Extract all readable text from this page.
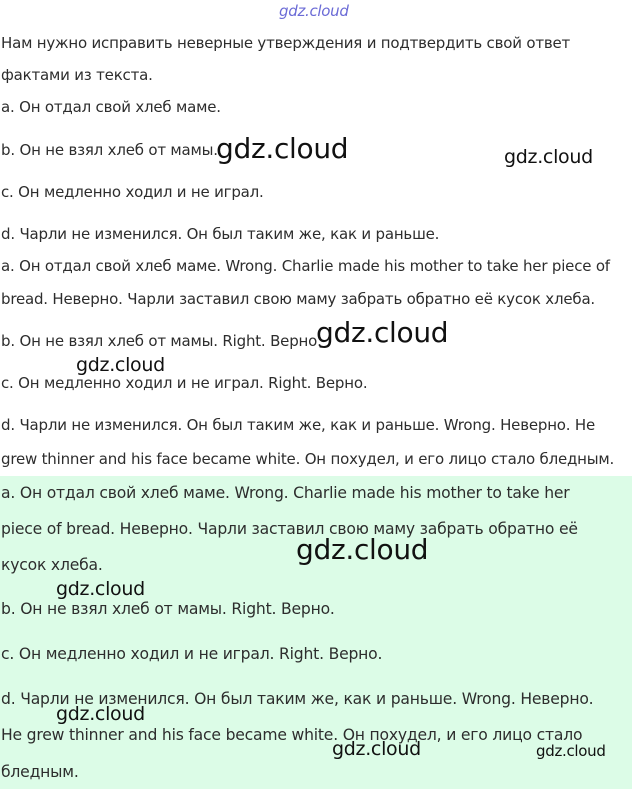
gdz.cloud

Нам нужно исправить неверные утверждения и подтвердить свой ответ

фактами из текста.

a. Он отдал свой хлеб маме.

b. Он не взял хлеб от мамы.

c. Он медленно ходил и не играл.

d. Чарли не изменился. Он был таким же, как и раньше.

a. Он отдал свой хлеб маме. Wrong. Charlie made his mother to take her piece of

bread. Неверно. Чарли заставил свою маму забрать обратно её кусок хлеба.

b. Он не взял хлеб от мамы. Right. Верно.

c. Он медленно ходил и не играл. Right. Верно.

d. Чарли не изменился. Он был таким же, как и раньше. Wrong. Неверно. He

grew thinner and his face became white. Он похудел, и его лицо стало бледным.

a. Он отдал свой хлеб маме. Wrong. Charlie made his mother to take her

piece of bread. Неверно. Чарли заставил свою маму забрать обратно её

кусок хлеба.

b. Он не взял хлеб от мамы. Right. Верно.

c. Он медленно ходил и не играл. Right. Верно.

d. Чарли не изменился. Он был таким же, как и раньше. Wrong. Неверно.

He grew thinner and his face became white. Он похудел, и его лицо стало

бледным.

gdz.cloud	gdz.cloud
gdz.cloud
gdz.cloud
gdz.cloud
gdz.cloud
gdz.cloud
gdz.cloud	gdz.cloud
